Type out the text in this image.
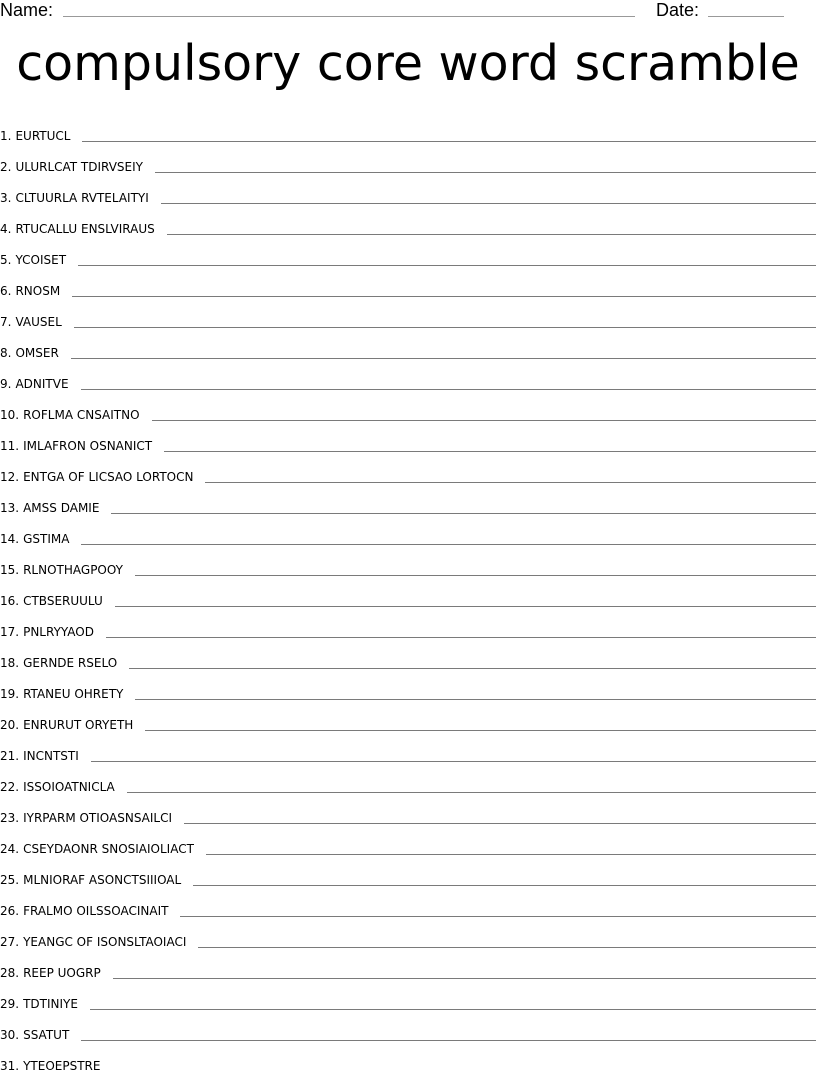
Name:	Date:
compulsory core word scramble
1. EURTUCL
2. ULURLCAT TDIRVSEIY
3. CLTUURLA RVTELAITYI
4. RTUCALLU ENSLVIRAUS
5. YCOISET
6. RNOSM
7. VAUSEL
8. OMSER
9. ADNITVE
10. ROFLMA CNSAITNO
11. IMLAFRON OSNANICT
12. ENTGA OF LICSAO LORTOCN
13. AMSS DAMIE
14. GSTIMA
15. RLNOTHAGPOOY
16. CTBSERUULU
17. PNLRYYAOD
18. GERNDE RSELO
19. RTANEU OHRETY
20. ENRURUT ORYETH
21. INCNTSTI
22. ISSOIOATNICLA
23. IYRPARM OTIOASNSAILCI
24. CSEYDAONR SNOSIAIOLIACT
25. MLNIORAF ASONCTSIIIOAL
26. FRALMO OILSSOACINAIT
27. YEANGC OF ISONSLTAOIACI
28. REEP UOGRP
29. TDTINIYE
30. SSATUT
31. YTEOEPSTRE
